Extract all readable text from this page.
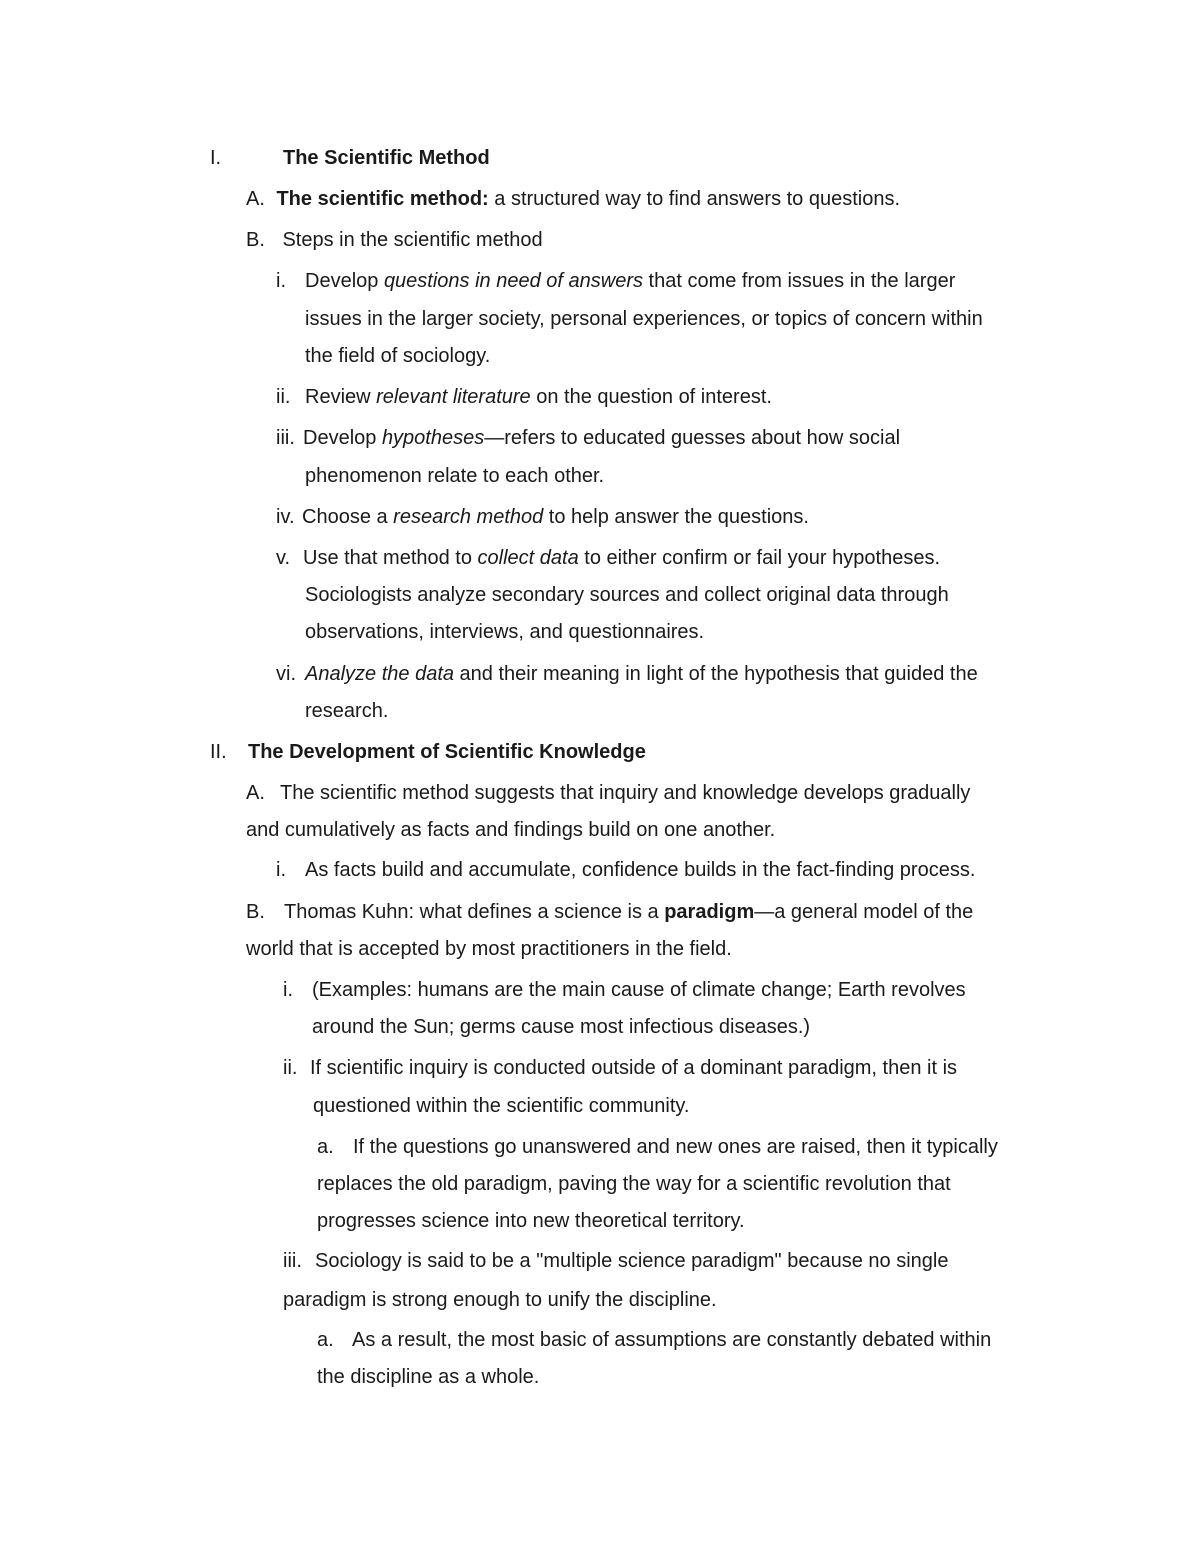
I.	The Scientific Method
A. The scientific method: a structured way to find answers to questions.
B. Steps in the scientific method
i. Develop questions in need of answers that come from issues in the larger
issues in the larger society, personal experiences, or topics of concern within
the field of sociology.
ii. Review relevant literature on the question of interest.
iii. Develop hypotheses—refers to educated guesses about how social
phenomenon relate to each other.
iv. Choose a research method to help answer the questions.
v. Use that method to collect data to either confirm or fail your hypotheses.
Sociologists analyze secondary sources and collect original data through
observations, interviews, and questionnaires.
vi. Analyze the data and their meaning in light of the hypothesis that guided the
research.
II. The Development of Scientific Knowledge
A. The scientific method suggests that inquiry and knowledge develops gradually
and cumulatively as facts and findings build on one another.
i. As facts build and accumulate, confidence builds in the fact-finding process.
B. Thomas Kuhn: what defines a science is a paradigm—a general model of the
world that is accepted by most practitioners in the field.
i. (Examples: humans are the main cause of climate change; Earth revolves
around the Sun; germs cause most infectious diseases.)
ii. If scientific inquiry is conducted outside of a dominant paradigm, then it is
questioned within the scientific community.
a. If the questions go unanswered and new ones are raised, then it typically
replaces the old paradigm, paving the way for a scientific revolution that
progresses science into new theoretical territory.
iii. Sociology is said to be a "multiple science paradigm" because no single
paradigm is strong enough to unify the discipline.
a. As a result, the most basic of assumptions are constantly debated within
the discipline as a whole.
